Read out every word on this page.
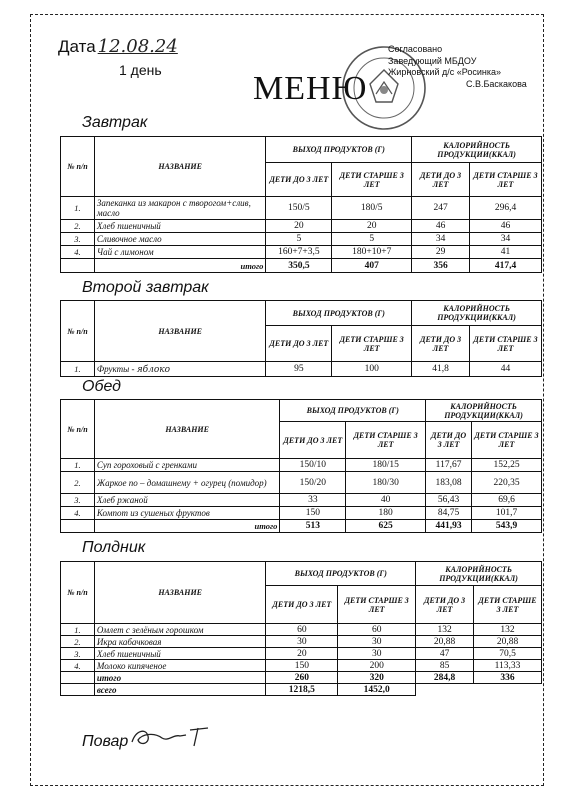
Дата 12.08.24
1 день	МЕНЮ
Согласовано
Заведующий МБДОУ
Жирновский д/с «Росинка»
С.В.Баскакова
Завтрак
№ п/п	НАЗВАНИЕ	ВЫХОД ПРОДУКТОВ (Г)		КАЛОРИЙНОСТЬ ПРОДУКЦИИ(ККАЛ)	
		ДЕТИ ДО 3 ЛЕТ	ДЕТИ СТАРШЕ 3 ЛЕТ	ДЕТИ ДО 3 ЛЕТ	ДЕТИ СТАРШЕ 3 ЛЕТ
1.	Запеканка из макарон с творогом+слив, масло	150/5	180/5	247	296,4
2.	Хлеб пшеничный	20	20	46	46
3.	Сливочное масло	5	5	34	34
4.	Чай с лимоном	160+7+3,5	180+10+7	29	41
	итого	350,5	407	356	417,4
Второй завтрак
№ п/п	НАЗВАНИЕ	ВЫХОД ПРОДУКТОВ (Г)		КАЛОРИЙНОСТЬ ПРОДУКЦИИ(ККАЛ)	
		ДЕТИ ДО 3 ЛЕТ	ДЕТИ СТАРШЕ 3 ЛЕТ	ДЕТИ ДО 3 ЛЕТ	ДЕТИ СТАРШЕ 3 ЛЕТ
1.	Фрукты - яблоко	95	100	41,8	44
Обед
№ п/п	НАЗВАНИЕ	ВЫХОД ПРОДУКТОВ (Г)		КАЛОРИЙНОСТЬ ПРОДУКЦИИ(ККАЛ)	
		ДЕТИ ДО 3 ЛЕТ	ДЕТИ СТАРШЕ 3 ЛЕТ	ДЕТИ ДО 3 ЛЕТ	ДЕТИ СТАРШЕ 3 ЛЕТ
1.	Суп гороховый с гренками	150/10	180/15	117,67	152,25
2.	Жаркое по – домашнему + огурец (помидор)	150/20	180/30	183,08	220,35
3.	Хлеб ржаной	33	40	56,43	69,6
4.	Компот из сушеных фруктов	150	180	84,75	101,7
	итого	513	625	441,93	543,9
Полдник
№ п/п	НАЗВАНИЕ	ВЫХОД ПРОДУКТОВ (Г)		КАЛОРИЙНОСТЬ ПРОДУКЦИИ(ККАЛ)	
		ДЕТИ ДО 3 ЛЕТ	ДЕТИ СТАРШЕ 3 ЛЕТ	ДЕТИ ДО 3 ЛЕТ	ДЕТИ СТАРШЕ 3 ЛЕТ
1.	Омлет с зелёным горошком	60	60	132	132
2.	Икра кабачковая	30	30	20,88	20,88
3.	Хлеб пшеничный	20	30	47	70,5
4.	Молоко кипяченое	150	200	85	113,33
	итого	260	320	284,8	336
	всего	1218,5	1452,0		
Повар
